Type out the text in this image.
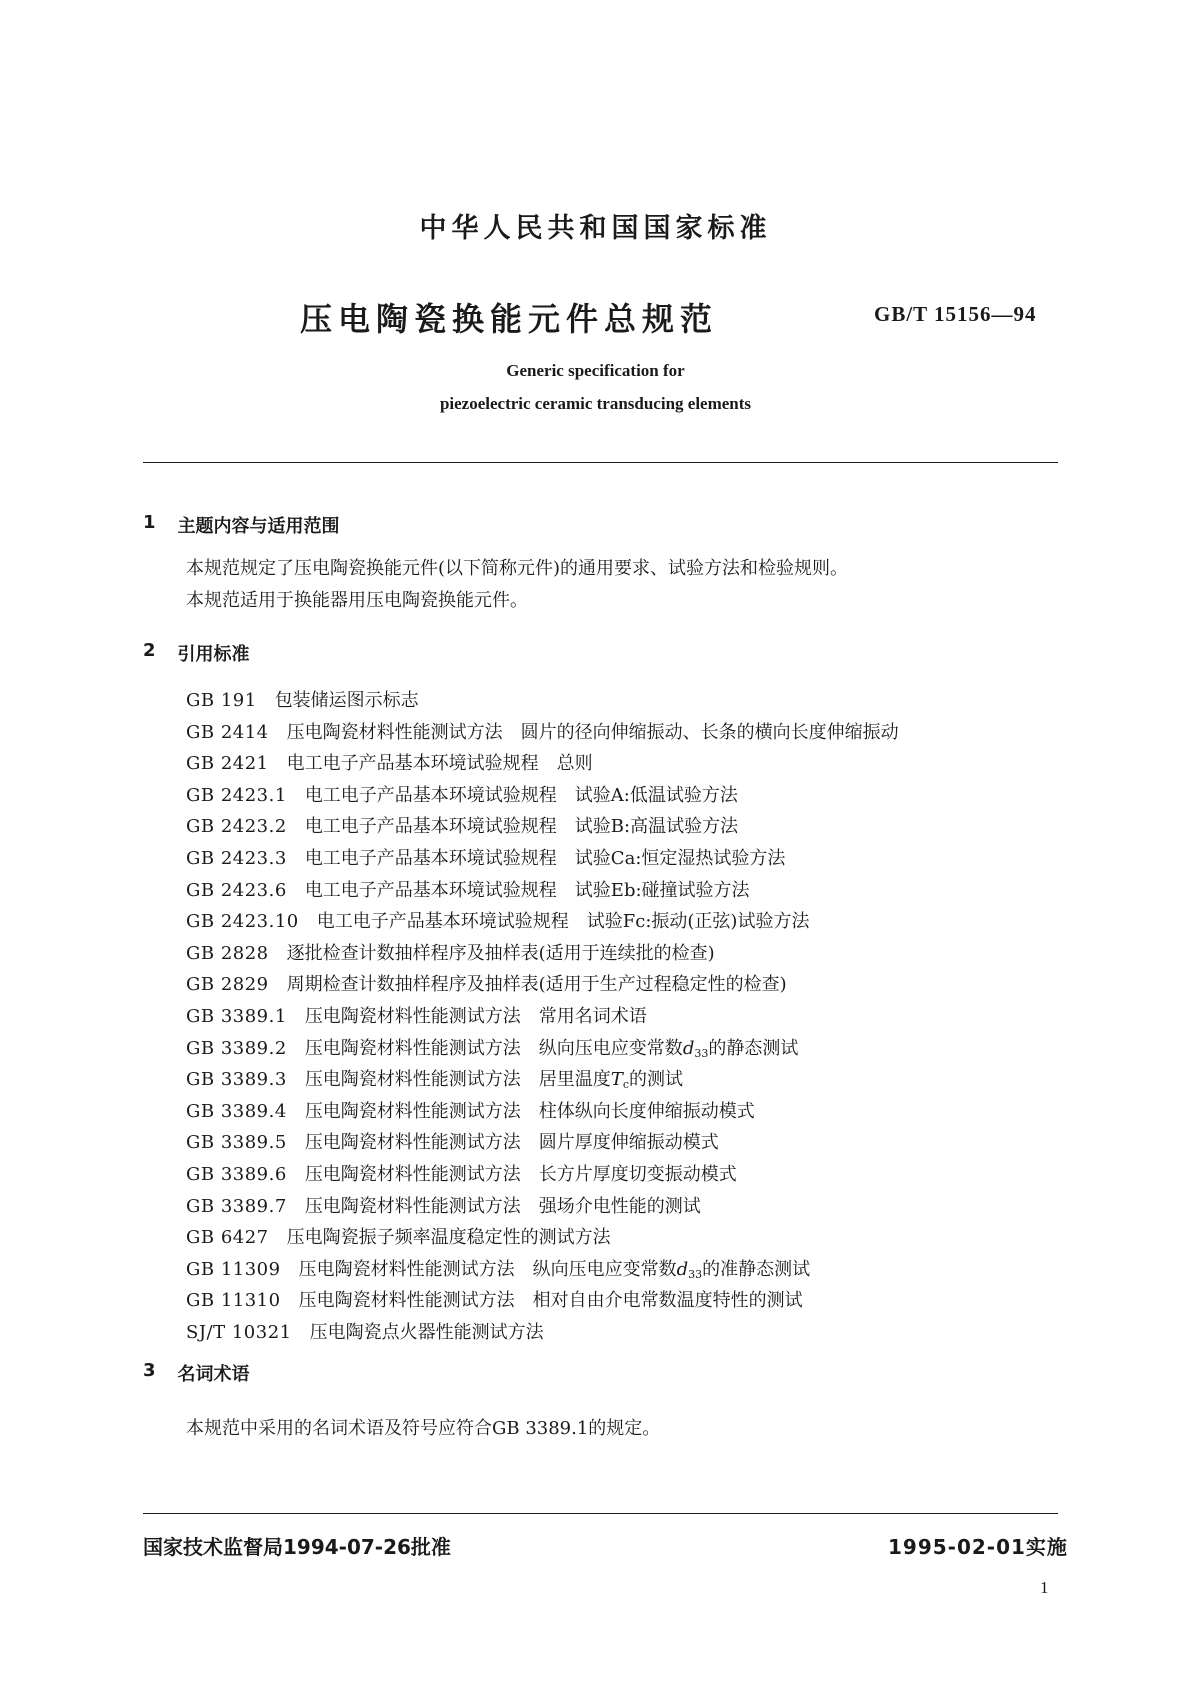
中华人民共和国国家标准
压电陶瓷换能元件总规范	GB/T 15156—94
Generic specification for
piezoelectric ceramic transducing elements
1 主题内容与适用范围
本规范规定了压电陶瓷换能元件(以下简称元件)的通用要求、试验方法和检验规则。
本规范适用于换能器用压电陶瓷换能元件。
2 引用标准
GB 191 包装储运图示标志
GB 2414 压电陶瓷材料性能测试方法　圆片的径向伸缩振动、长条的横向长度伸缩振动
GB 2421 电工电子产品基本环境试验规程　总则
GB 2423.1 电工电子产品基本环境试验规程　试验A:低温试验方法
GB 2423.2 电工电子产品基本环境试验规程　试验B:高温试验方法
GB 2423.3 电工电子产品基本环境试验规程　试验Ca:恒定湿热试验方法
GB 2423.6 电工电子产品基本环境试验规程　试验Eb:碰撞试验方法
GB 2423.10 电工电子产品基本环境试验规程　试验Fc:振动(正弦)试验方法
GB 2828 逐批检查计数抽样程序及抽样表(适用于连续批的检查)
GB 2829 周期检查计数抽样程序及抽样表(适用于生产过程稳定性的检查)
GB 3389.1 压电陶瓷材料性能测试方法　常用名词术语
GB 3389.2 压电陶瓷材料性能测试方法　纵向压电应变常数d33的静态测试
GB 3389.3 压电陶瓷材料性能测试方法　居里温度Tc的测试
GB 3389.4 压电陶瓷材料性能测试方法　柱体纵向长度伸缩振动模式
GB 3389.5 压电陶瓷材料性能测试方法　圆片厚度伸缩振动模式
GB 3389.6 压电陶瓷材料性能测试方法　长方片厚度切变振动模式
GB 3389.7 压电陶瓷材料性能测试方法　强场介电性能的测试
GB 6427 压电陶瓷振子频率温度稳定性的测试方法
GB 11309 压电陶瓷材料性能测试方法　纵向压电应变常数d33的准静态测试
GB 11310 压电陶瓷材料性能测试方法　相对自由介电常数温度特性的测试
SJ/T 10321 压电陶瓷点火器性能测试方法
3 名词术语
本规范中采用的名词术语及符号应符合GB 3389.1的规定。
国家技术监督局1994-07-26批准	1995-02-01实施
1
